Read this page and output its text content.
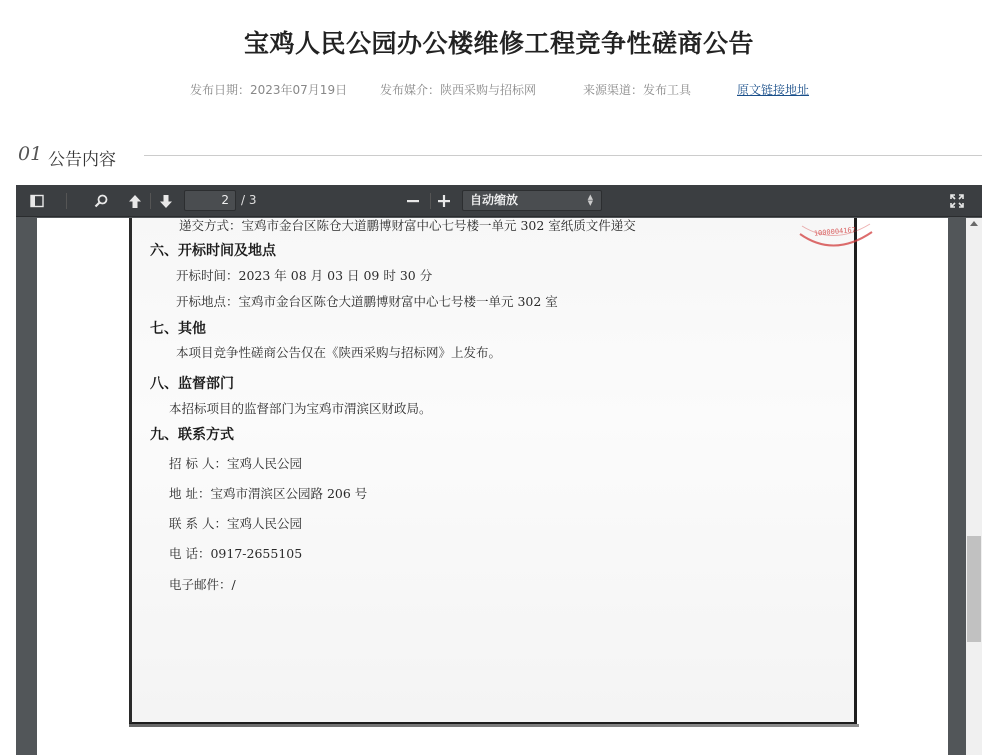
宝鸡人民公园办公楼维修工程竞争性磋商公告
发布日期：2023年07月19日	发布媒介：陕西采购与招标网	来源渠道：发布工具	原文链接地址
01 公告内容
2	/ 3	自动缩放	▲
▼
1000004167
递交方式：宝鸡市金台区陈仓大道鹏博财富中心七号楼一单元 302 室纸质文件递交
六、开标时间及地点
开标时间：2023 年 08 月 03 日 09 时 30 分
开标地点：宝鸡市金台区陈仓大道鹏博财富中心七号楼一单元 302 室
七、其他
本项目竞争性磋商公告仅在《陕西采购与招标网》上发布。
八、监督部门
本招标项目的监督部门为宝鸡市渭滨区财政局。
九、联系方式
招 标 人：宝鸡人民公园
地 址：宝鸡市渭滨区公园路 206 号
联 系 人：宝鸡人民公园
电 话：0917-2655105
电子邮件：/
